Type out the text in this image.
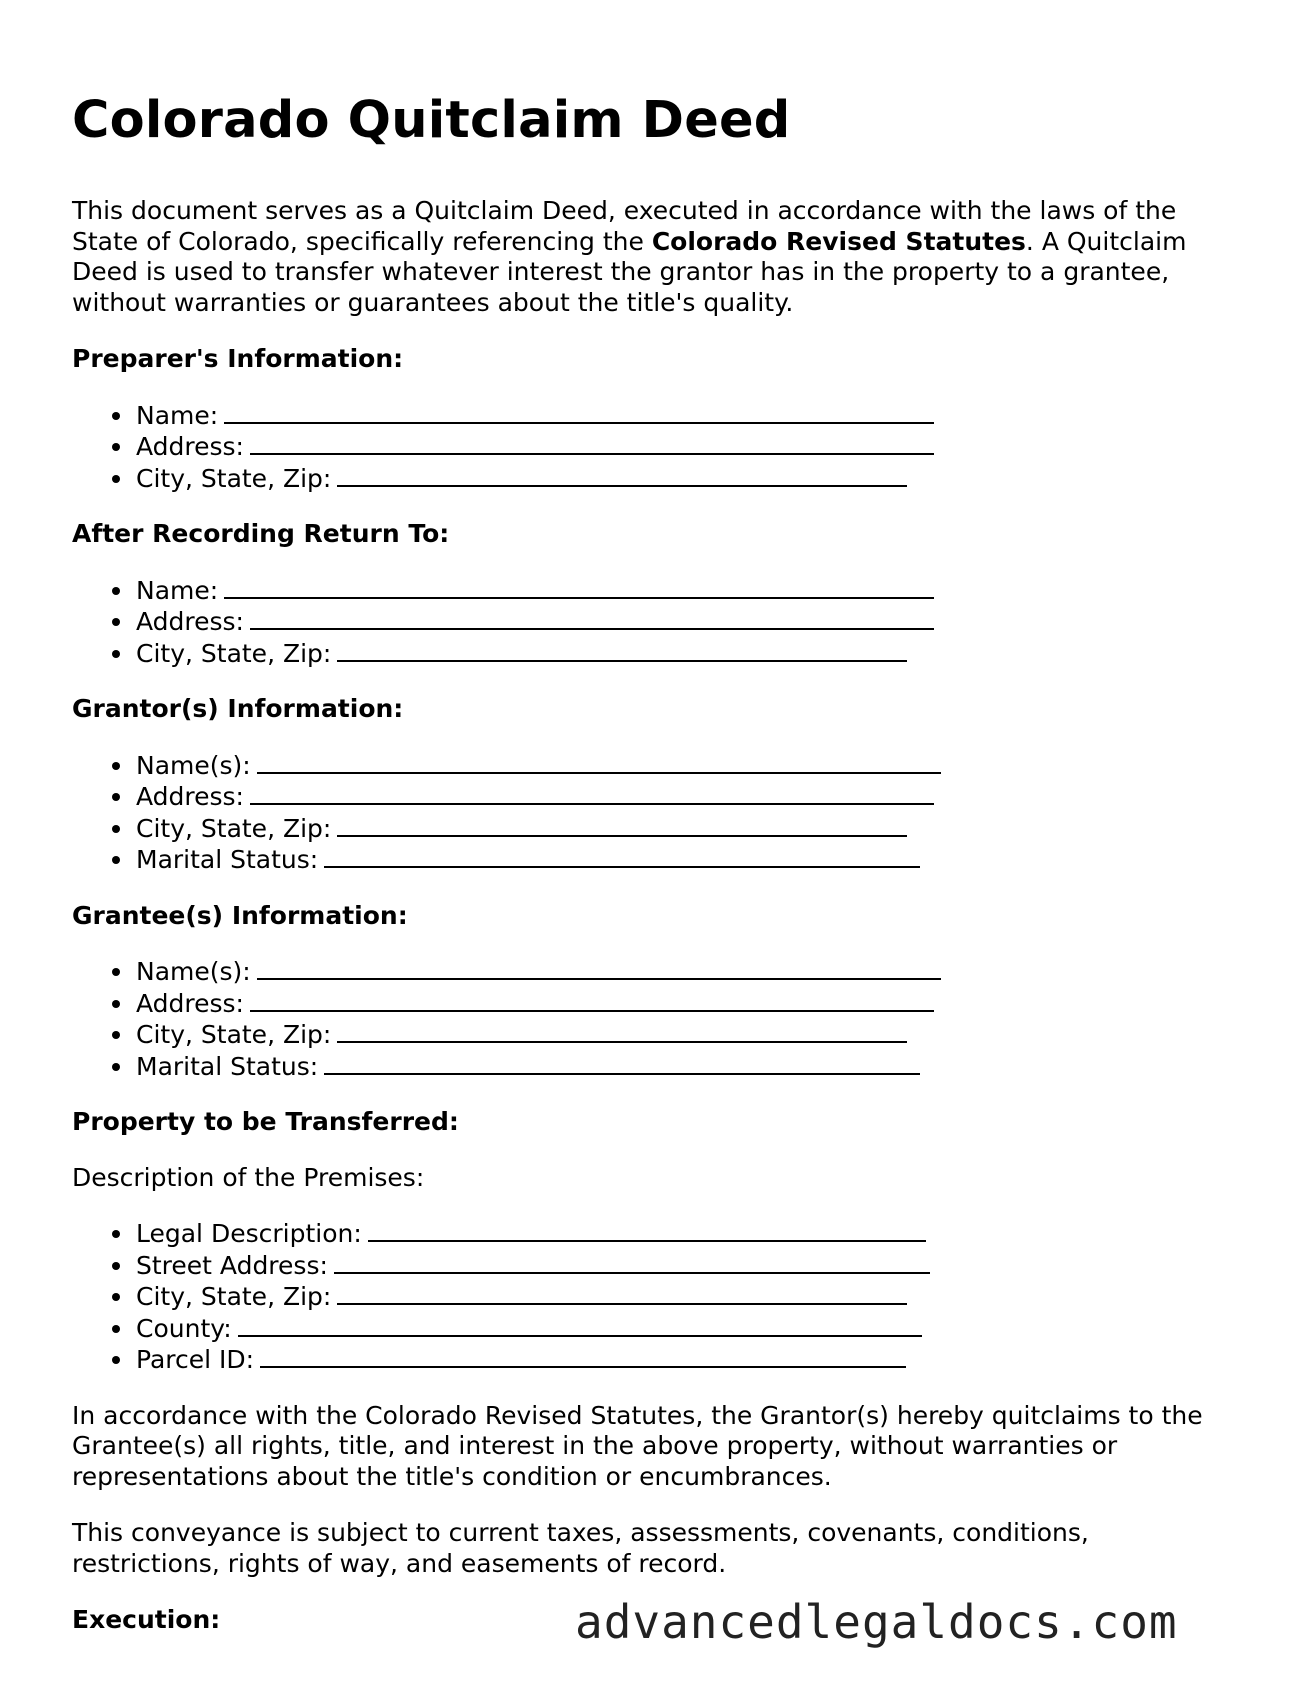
Colorado Quitclaim Deed

This document serves as a Quitclaim Deed, executed in accordance with the laws of the State of Colorado, specifically referencing the Colorado Revised Statutes. A Quitclaim Deed is used to transfer whatever interest the grantor has in the property to a grantee, without warranties or guarantees about the title's quality.

Preparer's Information:
Name:
Address:
City, State, Zip:
After Recording Return To:
Name:
Address:
City, State, Zip:
Grantor(s) Information:
Name(s):
Address:
City, State, Zip:
Marital Status:
Grantee(s) Information:
Name(s):
Address:
City, State, Zip:
Marital Status:
Property to be Transferred:

Description of the Premises:

Legal Description:
Street Address:
City, State, Zip:
County:
Parcel ID:

In accordance with the Colorado Revised Statutes, the Grantor(s) hereby quitclaims to the Grantee(s) all rights, title, and interest in the above property, without warranties or representations about the title's condition or encumbrances.

This conveyance is subject to current taxes, assessments, covenants, conditions, restrictions, rights of way, and easements of record.

Execution:	advancedlegaldocs.com
